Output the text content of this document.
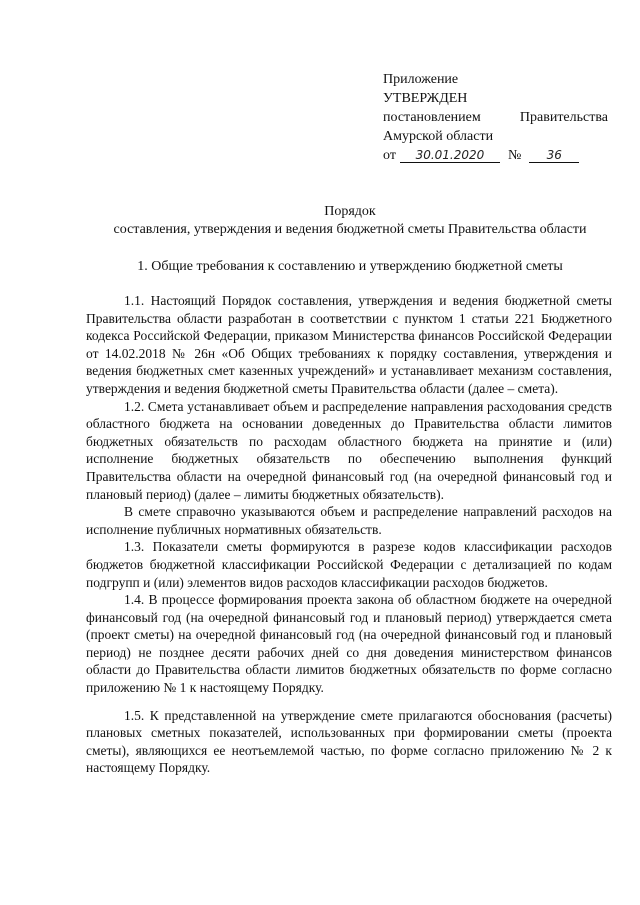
Приложение
УТВЕРЖДЕН
постановлением	Правительства
Амурской области
от	30.01.2020	№	36
Порядок
составления, утверждения и ведения бюджетной сметы Правительства области
1. Общие требования к составлению и утверждению бюджетной сметы

1.1. Настоящий Порядок составления, утверждения и ведения бюджетной сметы Правительства области разработан в соответствии с пунктом 1 статьи 221 Бюджетного кодекса Российской Федерации, приказом Министерства финансов Российской Федерации от 14.02.2018 № 26н «Об Общих требованиях к порядку составления, утверждения и ведения бюджетных смет казенных учреждений» и устанавливает механизм составления, утверждения и ведения бюджетной сметы Правительства области (далее – смета).

1.2. Смета устанавливает объем и распределение направления расходования средств областного бюджета на основании доведенных до Правительства области лимитов бюджетных обязательств по расходам областного бюджета на принятие и (или) исполнение бюджетных обязательств по обеспечению выполнения функций Правительства области на очередной финансовый год (на очередной финансовый год и плановый период) (далее – лимиты бюджетных обязательств).

В смете справочно указываются объем и распределение направлений расходов на исполнение публичных нормативных обязательств.

1.3. Показатели сметы формируются в разрезе кодов классификации расходов бюджетов бюджетной классификации Российской Федерации с детализацией по кодам подгрупп и (или) элементов видов расходов классификации расходов бюджетов.

1.4. В процессе формирования проекта закона об областном бюджете на очередной финансовый год (на очередной финансовый год и плановый период) утверждается смета (проект сметы) на очередной финансовый год (на очередной финансовый год и плановый период) не позднее десяти рабочих дней со дня доведения министерством финансов области до Правительства области лимитов бюджетных обязательств по форме согласно приложению № 1 к настоящему Порядку.

1.5. К представленной на утверждение смете прилагаются обоснования (расчеты) плановых сметных показателей, использованных при формировании сметы (проекта сметы), являющихся ее неотъемлемой частью, по форме согласно приложению № 2 к настоящему Порядку.
